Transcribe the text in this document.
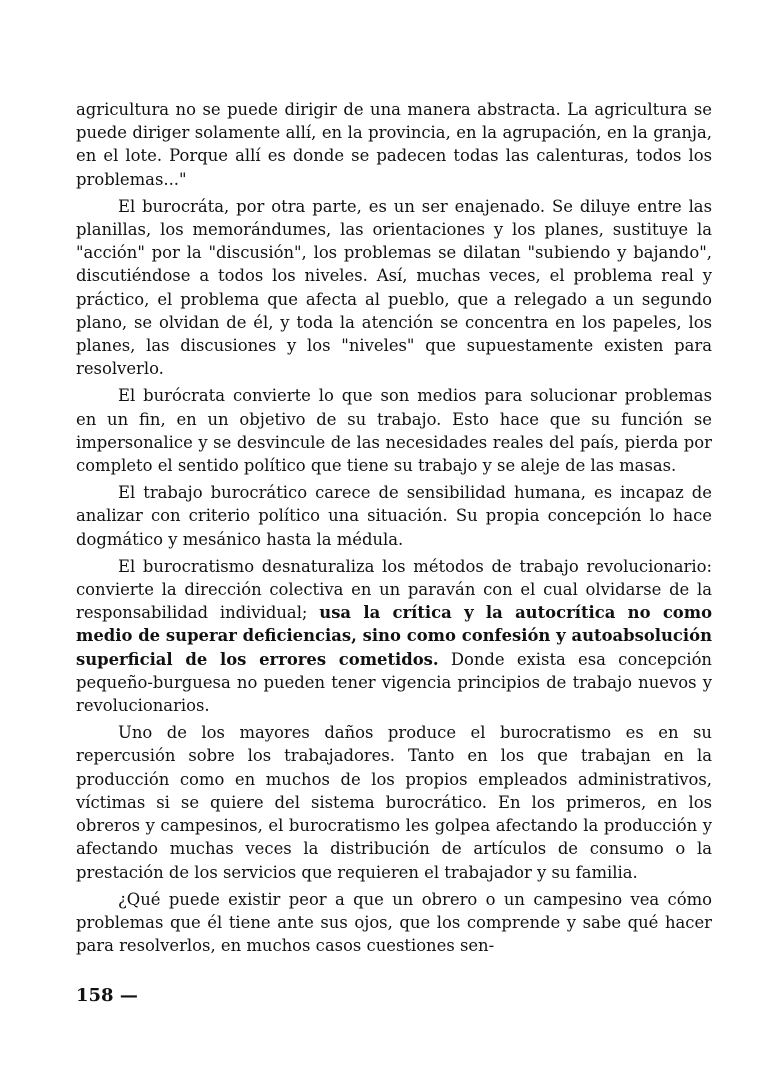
agricultura no se puede dirigir de una manera abstracta. La agricultura se puede diriger solamente allí, en la provincia, en la agrupación, en la granja, en el lote. Porque allí es donde se padecen todas las calenturas, todos los problemas..."

El burocráta, por otra parte, es un ser enajenado. Se diluye entre las planillas, los memorándumes, las orientaciones y los planes, sustituye la "acción" por la "discusión", los problemas se dilatan "subiendo y bajando", discutiéndose a todos los niveles. Así, muchas veces, el problema real y práctico, el problema que afecta al pueblo, que a relegado a un segundo plano, se olvidan de él, y toda la atención se concentra en los papeles, los planes, las discusiones y los "niveles" que supuestamente existen para resolverlo.

El burócrata convierte lo que son medios para solucionar problemas en un fin, en un objetivo de su trabajo. Esto hace que su función se impersonalice y se desvincule de las necesidades reales del país, pierda por completo el sentido político que tiene su trabajo y se aleje de las masas.

El trabajo burocrático carece de sensibilidad humana, es incapaz de analizar con criterio político una situación. Su propia concepción lo hace dogmático y mesánico hasta la médula.

El burocratismo desnaturaliza los métodos de trabajo revolucionario: convierte la dirección colectiva en un paraván con el cual olvidarse de la responsabilidad individual; usa la crítica y la autocrítica no como medio de superar deficiencias, sino como confesión y autoabsolución superficial de los errores cometidos. Donde exista esa concepción pequeño-burguesa no pueden tener vigencia principios de trabajo nuevos y revolucionarios.

Uno de los mayores daños produce el burocratismo es en su repercusión sobre los trabajadores. Tanto en los que trabajan en la producción como en muchos de los propios empleados administrativos, víctimas si se quiere del sistema burocrático. En los primeros, en los obreros y campesinos, el burocratismo les golpea afectando la producción y afectando muchas veces la distribución de artículos de consumo o la prestación de los servicios que requieren el trabajador y su familia.

¿Qué puede existir peor a que un obrero o un campesino vea cómo problemas que él tiene ante sus ojos, que los comprende y sabe qué hacer para resolverlos, en muchos casos cuestiones sen-

158 —
